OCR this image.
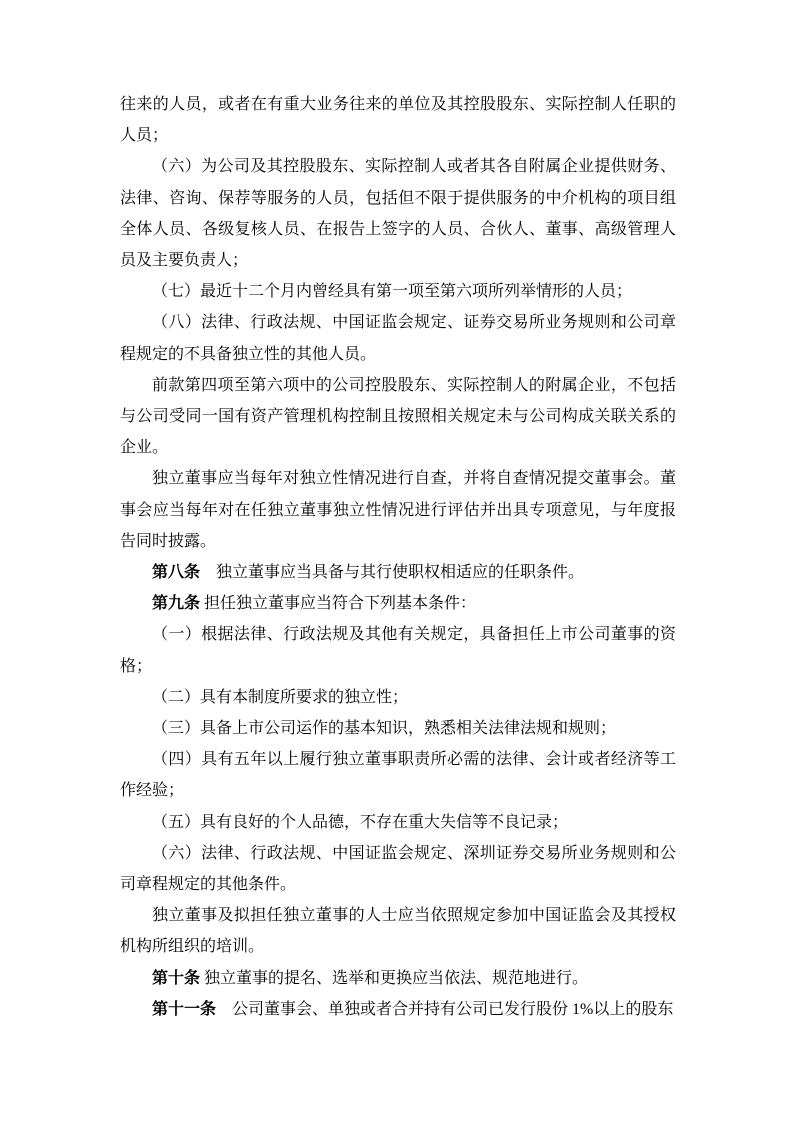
往来的人员，或者在有重大业务往来的单位及其控股股东、实际控制人任职的人员；

（六）为公司及其控股股东、实际控制人或者其各自附属企业提供财务、法律、咨询、保荐等服务的人员，包括但不限于提供服务的中介机构的项目组全体人员、各级复核人员、在报告上签字的人员、合伙人、董事、高级管理人员及主要负责人；

（七）最近十二个月内曾经具有第一项至第六项所列举情形的人员；

（八）法律、行政法规、中国证监会规定、证券交易所业务规则和公司章程规定的不具备独立性的其他人员。

前款第四项至第六项中的公司控股股东、实际控制人的附属企业，不包括与公司受同一国有资产管理机构控制且按照相关规定未与公司构成关联关系的企业。

独立董事应当每年对独立性情况进行自查，并将自查情况提交董事会。董事会应当每年对在任独立董事独立性情况进行评估并出具专项意见，与年度报告同时披露。

第八条　独立董事应当具备与其行使职权相适应的任职条件。

第九条 担任独立董事应当符合下列基本条件：

（一）根据法律、行政法规及其他有关规定，具备担任上市公司董事的资格；

（二）具有本制度所要求的独立性；

（三）具备上市公司运作的基本知识，熟悉相关法律法规和规则；

（四）具有五年以上履行独立董事职责所必需的法律、会计或者经济等工作经验；

（五）具有良好的个人品德，不存在重大失信等不良记录；

（六）法律、行政法规、中国证监会规定、深圳证券交易所业务规则和公司章程规定的其他条件。

独立董事及拟担任独立董事的人士应当依照规定参加中国证监会及其授权机构所组织的培训。

第十条 独立董事的提名、选举和更换应当依法、规范地进行。

第十一条　公司董事会、单独或者合并持有公司已发行股份 1%以上的股东
